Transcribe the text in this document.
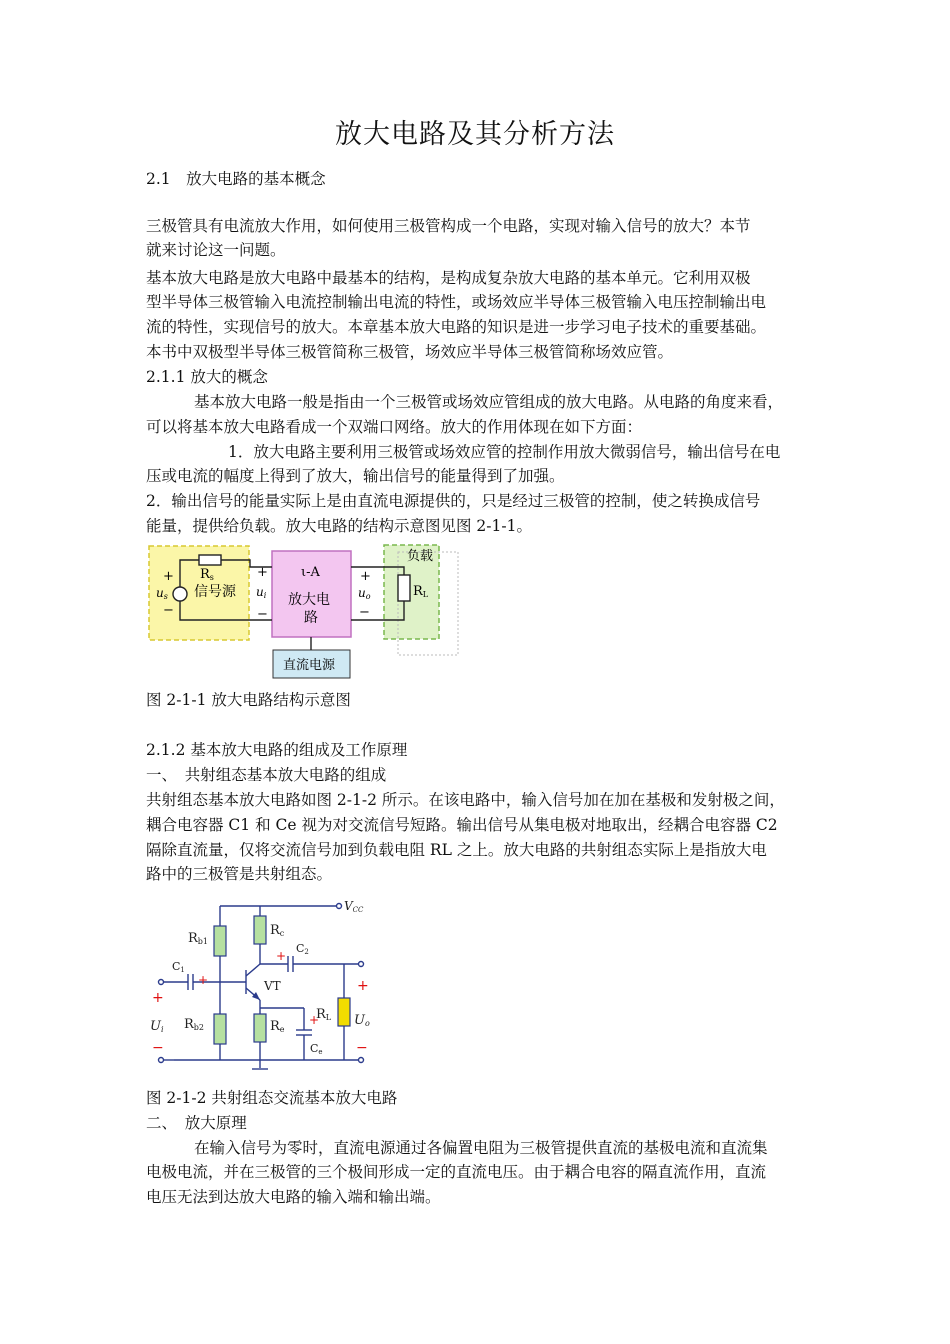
放大电路及其分析方法
2.1　放大电路的基本概念
三极管具有电流放大作用，如何使用三极管构成一个电路，实现对输入信号的放大？本节
就来讨论这一问题。
基本放大电路是放大电路中最基本的结构，是构成复杂放大电路的基本单元。它利用双极
型半导体三极管输入电流控制输出电流的特性，或场效应半导体三极管输入电压控制输出电
流的特性，实现信号的放大。本章基本放大电路的知识是进一步学习电子技术的重要基础。
本书中双极型半导体三极管简称三极管，场效应半导体三极管简称场效应管。
2.1.1 放大的概念
基本放大电路一般是指由一个三极管或场效应管组成的放大电路。从电路的角度来看，
可以将基本放大电路看成一个双端口网络。放大的作用体现在如下方面：
1．放大电路主要利用三极管或场效应管的控制作用放大微弱信号，输出信号在电
压或电流的幅度上得到了放大，输出信号的能量得到了加强。
2．输出信号的能量实际上是由直流电源提供的，只是经过三极管的控制，使之转换成信号
能量，提供给负载。放大电路的结构示意图见图 2-1-1。
+
−
us
Rs
信号源
+
ui
−
ι-A
放大电
路
+
uo
−
负载
RL
直流电源
图 2-1-1 放大电路结构示意图
2.1.2 基本放大电路的组成及工作原理
一、　共射组态基本放大电路的组成
共射组态基本放大电路如图 2-1-2 所示。在该电路中，输入信号加在加在基极和发射极之间，
耦合电容器 C1 和 Ce 视为对交流信号短路。输出信号从集电极对地取出，经耦合电容器 C2
隔除直流量，仅将交流信号加到负载电阻 RL 之上。放大电路的共射组态实际上是指放大电
路中的三极管是共射组态。
+
−
+
+
+
+
−
VCC
Rb1
Rb2
Rc
Re
RL
C1
C2
Ce
VT
Ui
Uo
图 2-1-2 共射组态交流基本放大电路
二、　放大原理
在输入信号为零时，直流电源通过各偏置电阻为三极管提供直流的基极电流和直流集
电极电流，并在三极管的三个极间形成一定的直流电压。由于耦合电容的隔直流作用，直流
电压无法到达放大电路的输入端和输出端。
